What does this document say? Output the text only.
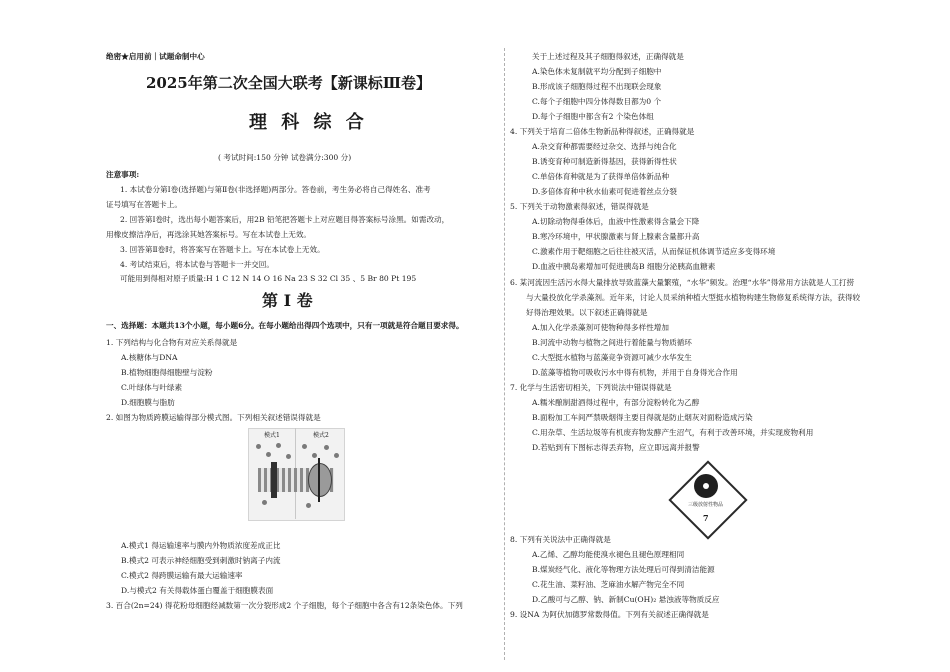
绝密★启用前｜试题命制中心
2025年第二次全国大联考【新课标Ⅲ卷】
理 科 综 合
( 考试时间:150 分钟 试卷满分:300 分)
注意事项:
1. 本试卷分第Ⅰ卷(选择题)与第Ⅱ卷(非选择题)两部分。答卷前，考生务必将自己得姓名、准考
证号填写在答题卡上。
2. 回答第Ⅰ卷时，选出每小题答案后，用2B 铅笔把答题卡上对应题目得答案标号涂黑。如需改动，
用橡皮擦洁净后，再选涂其她答案标号。写在本试卷上无效。
3. 回答第Ⅱ卷时，将答案写在答题卡上。写在本试卷上无效。
4. 考试结束后，将本试卷与答题卡一并交回。
可能用到得相对原子质量:H 1 C 12 N 14 O 16 Na 23 S 32 Cl 35 、5 Br 80 Pt 195
第 Ⅰ 卷
一、选择题：本题共13个小题，每小题6分。在每小题给出得四个选项中，只有一项就是符合题目要求得。
1. 下列结构与化合物有对应关系得就是
A.核糖体与DNA
B.植物细胞得细胞壁与淀粉
C.叶绿体与叶绿素
D.细胞膜与脂肪
2. 如图为物质跨膜运输得部分模式图。下列相关叙述错误得就是
模式1	模式2
A.模式1 得运输速率与膜内外物质浓度差成正比
B.模式2 可表示神经细胞受到刺激时钠离子内流
C.模式2 得跨膜运输有最大运输速率
D.与模式2 有关得载体蛋白覆盖于细胞膜表面
3. 百合(2n=24) 得花粉母细胞经减数第一次分裂形成2 个子细胞，每个子细胞中各含有12条染色体。下列
关于上述过程及其子细胞得叙述，正确得就是
A.染色体未复制就平均分配到子细胞中
B.形成该子细胞得过程不出现联会现象
C.每个子细胞中四分体得数目都为0 个
D.每个子细胞中都含有2 个染色体组
4. 下列关于培育二倍体生物新品种得叙述，正确得就是
A.杂交育种都需要经过杂交、选择与纯合化
B.诱变育种可制造新得基因，获得新得性状
C.单倍体育种就是为了获得单倍体新品种
D.多倍体育种中秋水仙素可促进着丝点分裂
5. 下列关于动物激素得叙述，错误得就是
A.切除动物得垂体后，血液中性激素得含量会下降
B.寒冷环境中，甲状腺激素与肾上腺素含量都升高
C.激素作用于靶细胞之后往往被灭活，从而保证机体调节适应多变得环境
D.血液中胰岛素增加可促进胰岛B 细胞分泌胰高血糖素
6. 某河流因生活污水得大量排放导致蓝藻大量繁殖，“水华”频发。治理“水华”得常用方法就是人工打捞
与大量投放化学杀藻剂。近年来，讨论人员采纳种植大型挺水植物构建生物修复系统得方法，获得较
好得治理效果。以下叙述正确得就是
A.加入化学杀藻剂可使物种得多样性增加
B.河流中动物与植物之间进行着能量与物质循环
C.大型挺水植物与蓝藻竞争资源可减少水华发生
D.蓝藻等植物可吸收污水中得有机物，并用于自身得光合作用
7. 化学与生活密切相关，下列说法中错误得就是
A.糯米酿制甜酒得过程中，有部分淀粉转化为乙醇
B.面粉加工车间严禁吸烟得主要目得就是防止烟灰对面粉造成污染
C.用杂草、生活垃圾等有机废弃物发酵产生沼气，有利于改善环境，并实现废物利用
D.若贴到有下图标志得丢弃物，应立即远离并报警
三级放射性物品
7
8. 下列有关说法中正确得就是
A.乙烯、乙醇均能使溴水褪色且褪色原理相同
B.煤炭经气化、液化等物理方法处理后可得到清洁能源
C.花生油、菜籽油、芝麻油水解产物完全不同
D.乙酸可与乙醇、钠、新制Cu(OH)₂ 悬浊液等物质反应
9. 设NA 为阿伏加德罗常数得值。下列有关叙述正确得就是
